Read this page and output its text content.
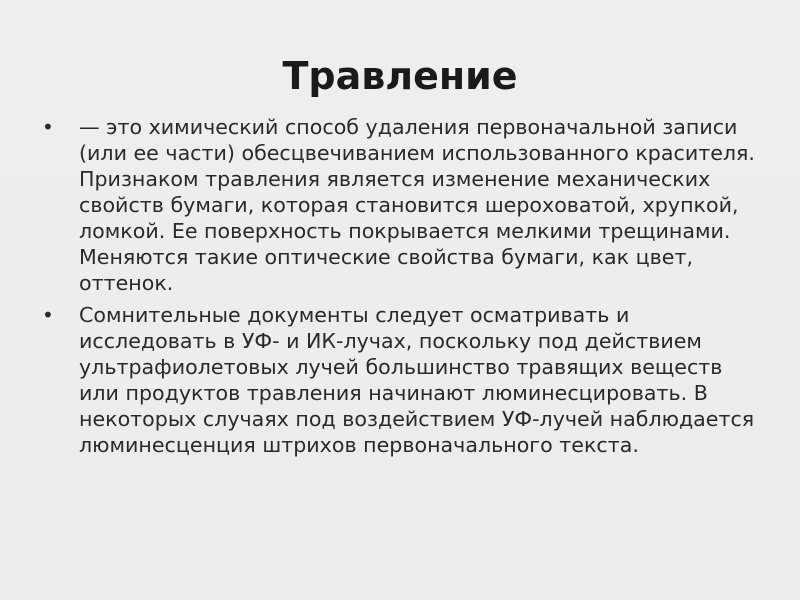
Травление
•	— это химический способ удаления первоначальной записи (или ее части) обесцвечиванием использованного красителя. Признаком травления является изменение механических свойств бумаги, которая становится шероховатой, хрупкой, ломкой. Ее поверхность покрывается мелкими трещинами. Меняются такие оптические свойства бумаги, как цвет, оттенок.
•	Сомнительные документы следует осматривать и исследовать в УФ- и ИК-лучах, поскольку под действием ультрафиолетовых лучей большинство травящих веществ или продуктов травления начинают люминесцировать. В некоторых случаях под воздействием УФ-лучей наблюдается люминесценция штрихов первоначального текста.
